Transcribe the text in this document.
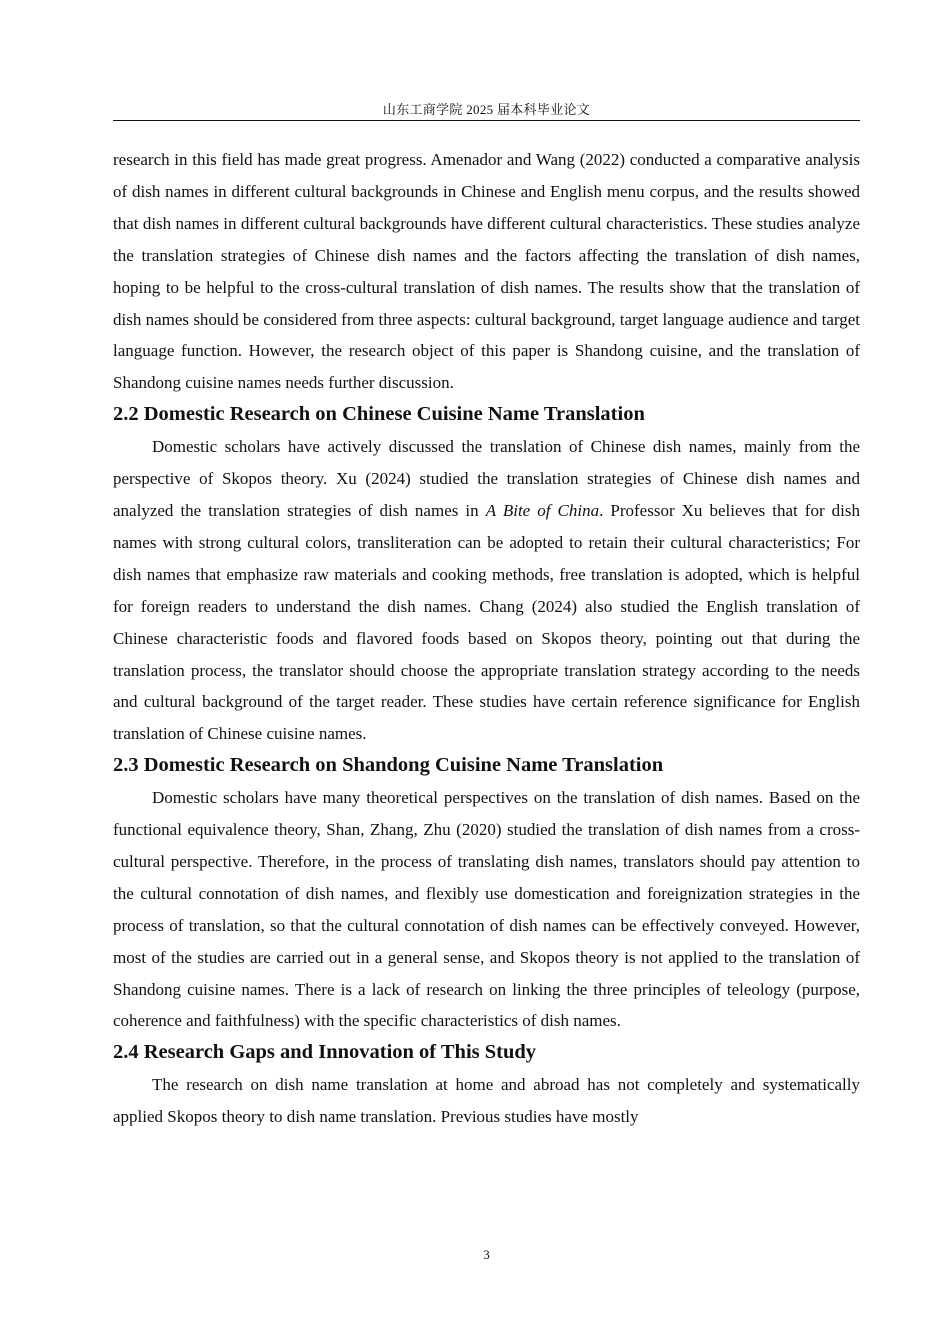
山东工商学院 2025 届本科毕业论文

research in this field has made great progress. Amenador and Wang (2022) conducted a comparative analysis of dish names in different cultural backgrounds in Chinese and English menu corpus, and the results showed that dish names in different cultural backgrounds have different cultural characteristics. These studies analyze the translation strategies of Chinese dish names and the factors affecting the translation of dish names, hoping to be helpful to the cross-cultural translation of dish names. The results show that the translation of dish names should be considered from three aspects: cultural background, target language audience and target language function. However, the research object of this paper is Shandong cuisine, and the translation of Shandong cuisine names needs further discussion.

2.2 Domestic Research on Chinese Cuisine Name Translation

Domestic scholars have actively discussed the translation of Chinese dish names, mainly from the perspective of Skopos theory. Xu (2024) studied the translation strategies of Chinese dish names and analyzed the translation strategies of dish names in A Bite of China. Professor Xu believes that for dish names with strong cultural colors, transliteration can be adopted to retain their cultural characteristics; For dish names that emphasize raw materials and cooking methods, free translation is adopted, which is helpful for foreign readers to understand the dish names. Chang (2024) also studied the English translation of Chinese characteristic foods and flavored foods based on Skopos theory, pointing out that during the translation process, the translator should choose the appropriate translation strategy according to the needs and cultural background of the target reader. These studies have certain reference significance for English translation of Chinese cuisine names.

2.3 Domestic Research on Shandong Cuisine Name Translation

Domestic scholars have many theoretical perspectives on the translation of dish names. Based on the functional equivalence theory, Shan, Zhang, Zhu (2020) studied the translation of dish names from a cross-cultural perspective. Therefore, in the process of translating dish names, translators should pay attention to the cultural connotation of dish names, and flexibly use domestication and foreignization strategies in the process of translation, so that the cultural connotation of dish names can be effectively conveyed. However, most of the studies are carried out in a general sense, and Skopos theory is not applied to the translation of Shandong cuisine names. There is a lack of research on linking the three principles of teleology (purpose, coherence and faithfulness) with the specific characteristics of dish names.

2.4 Research Gaps and Innovation of This Study

The research on dish name translation at home and abroad has not completely and systematically applied Skopos theory to dish name translation. Previous studies have mostly

3
